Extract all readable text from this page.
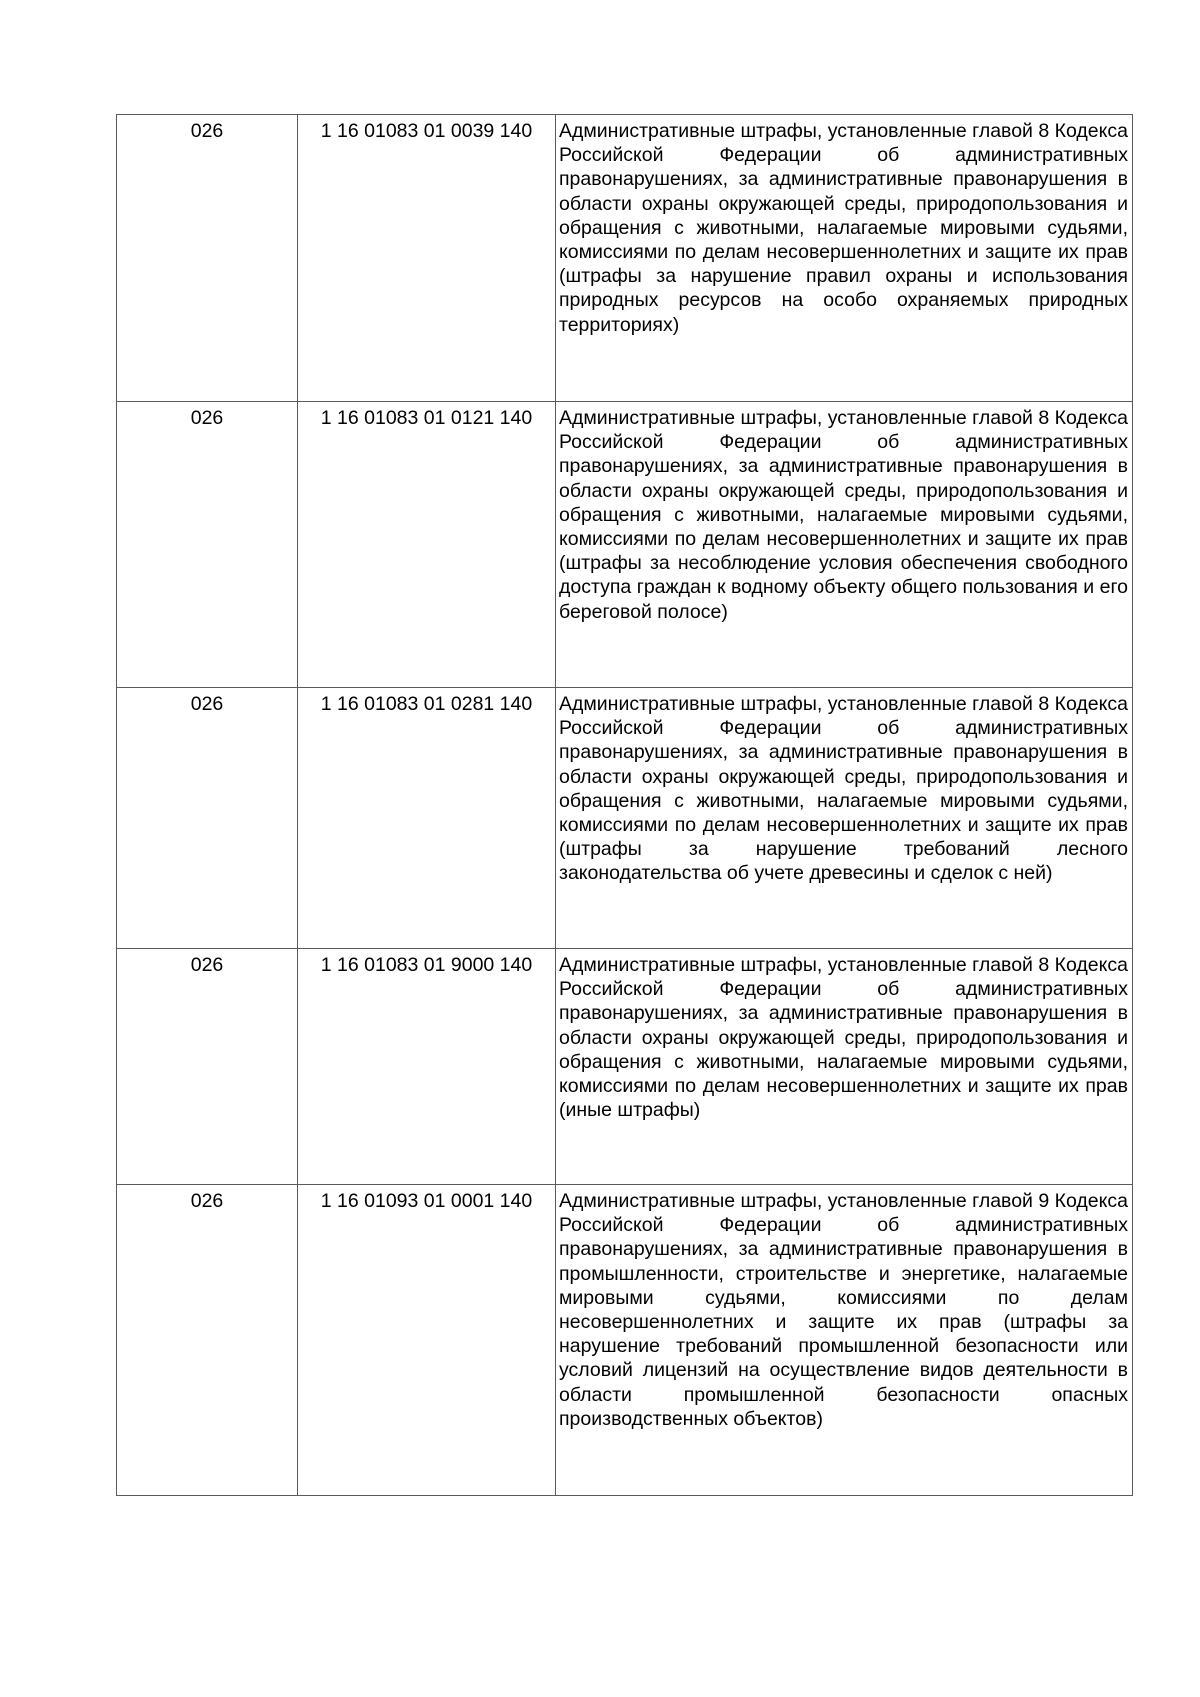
026	1 16 01083 01 0039 140	Административные штрафы, установленные главой 8 Кодекса Российской Федерации об административных правонарушениях, за административные правонарушения в области охраны окружающей среды, природопользования и обращения с животными, налагаемые мировыми судьями, комиссиями по делам несовершеннолетних и защите их прав (штрафы за нарушение правил охраны и использования природных ресурсов на особо охраняемых природных территориях)
026	1 16 01083 01 0121 140	Административные штрафы, установленные главой 8 Кодекса Российской Федерации об административных правонарушениях, за административные правонарушения в области охраны окружающей среды, природопользования и обращения с животными, налагаемые мировыми судьями, комиссиями по делам несовершеннолетних и защите их прав (штрафы за несоблюдение условия обеспечения свободного доступа граждан к водному объекту общего пользования и его береговой полосе)
026	1 16 01083 01 0281 140	Административные штрафы, установленные главой 8 Кодекса Российской Федерации об административных правонарушениях, за административные правонарушения в области охраны окружающей среды, природопользования и обращения с животными, налагаемые мировыми судьями, комиссиями по делам несовершеннолетних и защите их прав (штрафы за нарушение требований лесного законодательства об учете древесины и сделок с ней)
026	1 16 01083 01 9000 140	Административные штрафы, установленные главой 8 Кодекса Российской Федерации об административных правонарушениях, за административные правонарушения в области охраны окружающей среды, природопользования и обращения с животными, налагаемые мировыми судьями, комиссиями по делам несовершеннолетних и защите их прав (иные штрафы)
026	1 16 01093 01 0001 140	Административные штрафы, установленные главой 9 Кодекса Российской Федерации об административных правонарушениях, за административные правонарушения в промышленности, строительстве и энергетике, налагаемые мировыми судьями, комиссиями по делам несовершеннолетних и защите их прав (штрафы за нарушение требований промышленной безопасности или условий лицензий на осуществление видов деятельности в области промышленной безопасности опасных производственных объектов)
